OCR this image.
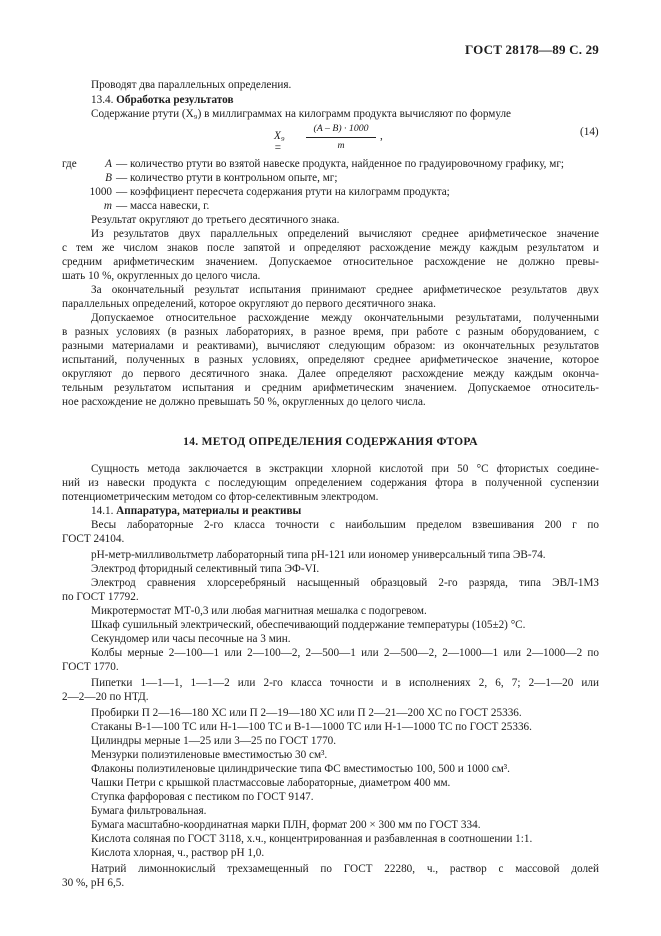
ГОСТ 28178—89 С. 29
Проводят два параллельных определения.
13.4. Обработка результатов
Содержание ртути (X₉) в миллиграммах на килограмм продукта вычисляют по формуле
X₉ =
(A – B) · 1000
m
,	(14)
где	A — количество ртути во взятой навеске продукта, найденное по градуировочному графику, мг;
B — количество ртути в контрольном опыте, мг;
1000 — коэффициент пересчета содержания ртути на килограмм продукта;
m — масса навески, г.
Результат округляют до третьего десятичного знака.
Из результатов двух параллельных определений вычисляют среднее арифметическое значение
с тем же числом знаков после запятой и определяют расхождение между каждым результатом и
средним арифметическим значением. Допускаемое относительное расхождение не должно превы-
шать 10 %, округленных до целого числа.
За окончательный результат испытания принимают среднее арифметическое результатов двух
параллельных определений, которое округляют до первого десятичного знака.
Допускаемое относительное расхождение между окончательными результатами, полученными
в разных условиях (в разных лабораториях, в разное время, при работе с разным оборудованием, с
разными материалами и реактивами), вычисляют следующим образом: из окончательных результатов
испытаний, полученных в разных условиях, определяют среднее арифметическое значение, которое
округляют до первого десятичного знака. Далее определяют расхождение между каждым оконча-
тельным результатом испытания и средним арифметическим значением. Допускаемое относитель-
ное расхождение не должно превышать 50 %, округленных до целого числа.
14. МЕТОД ОПРЕДЕЛЕНИЯ СОДЕРЖАНИЯ ФТОРА
Сущность метода заключается в экстракции хлорной кислотой при 50 °С фтористых соедине-
ний из навески продукта с последующим определением содержания фтора в полученной суспензии
потенциометрическим методом со фтор-селективным электродом.
14.1. Аппаратура, материалы и реактивы
Весы лабораторные 2-го класса точности с наибольшим пределом взвешивания 200 г по
ГОСТ 24104.
рН-метр-милливольтметр лабораторный типа рН-121 или иономер универсальный типа ЭВ-74.
Электрод фторидный селективный типа ЭФ-VI.
Электрод сравнения хлорсеребряный насыщенный образцовый 2-го разряда, типа ЭВЛ-1МЗ
по ГОСТ 17792.
Микротермостат МТ-0,3 или любая магнитная мешалка с подогревом.
Шкаф сушильный электрический, обеспечивающий поддержание температуры (105±2) °С.
Секундомер или часы песочные на 3 мин.
Колбы мерные 2—100—1 или 2—100—2, 2—500—1 или 2—500—2, 2—1000—1 или 2—1000—2 по
ГОСТ 1770.
Пипетки 1—1—1, 1—1—2 или 2-го класса точности и в исполнениях 2, 6, 7; 2—1—20 или
2—2—20 по НТД.
Пробирки П 2—16—180 ХС или П 2—19—180 ХС или П 2—21—200 ХС по ГОСТ 25336.
Стаканы В-1—100 ТС или Н-1—100 ТС и В-1—1000 ТС или Н-1—1000 ТС по ГОСТ 25336.
Цилиндры мерные 1—25 или 3—25 по ГОСТ 1770.
Мензурки полиэтиленовые вместимостью 30 см³.
Флаконы полиэтиленовые цилиндрические типа ФС вместимостью 100, 500 и 1000 см³.
Чашки Петри с крышкой пластмассовые лабораторные, диаметром 400 мм.
Ступка фарфоровая с пестиком по ГОСТ 9147.
Бумага фильтровальная.
Бумага масштабно-координатная марки ПЛН, формат 200 × 300 мм по ГОСТ 334.
Кислота соляная по ГОСТ 3118, х.ч., концентрированная и разбавленная в соотношении 1:1.
Кислота хлорная, ч., раствор рН 1,0.
Натрий лимоннокислый трехзамещенный по ГОСТ 22280, ч., раствор с массовой долей
30 %, рН 6,5.
